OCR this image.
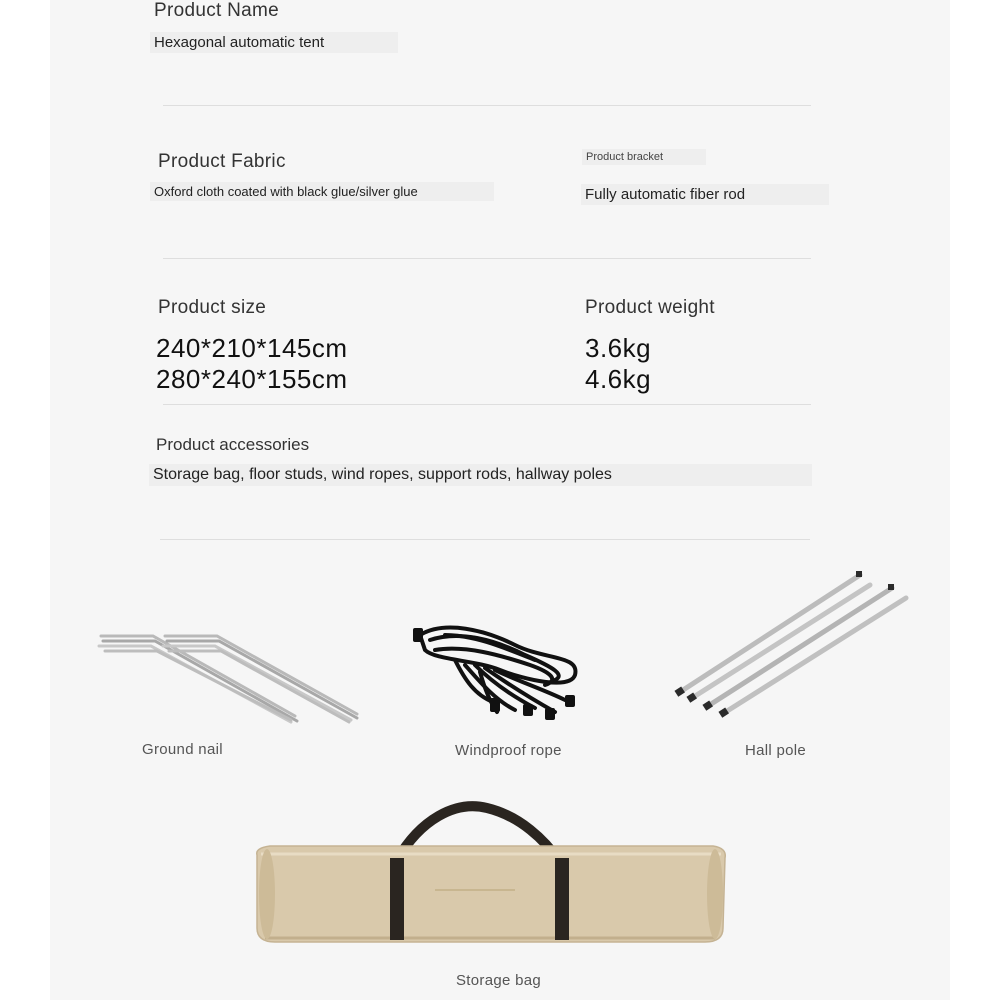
Product Name
Hexagonal automatic tent
Product Fabric
Oxford cloth coated with black glue/silver glue
Product bracket
Fully automatic fiber rod
Product size
240*210*145cm
280*240*155cm
Product weight
3.6kg
4.6kg
Product accessories
Storage bag, floor studs, wind ropes, support rods, hallway poles
Ground nail	Windproof rope	Hall pole
Storage bag
